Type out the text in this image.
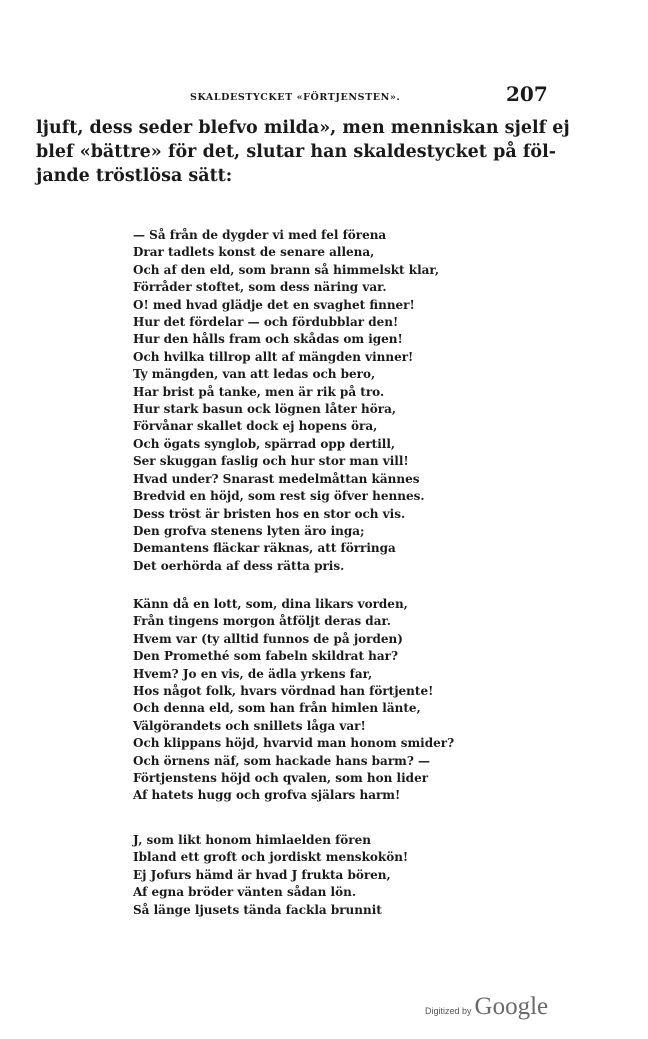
SKALDESTYCKET «FÖRTJENSTEN».	207
ljuft, dess seder blefvo milda», men menniskan sjelf ej
blef «bättre» för det, slutar han skaldestycket på föl-
jande tröstlösa sätt:
— Så från de dygder vi med fel förena
Drar tadlets konst de senare allena,
Och af den eld, som brann så himmelskt klar,
Förråder stoftet, som dess näring var.
O! med hvad glädje det en svaghet finner!
Hur det fördelar — och fördubblar den!
Hur den hålls fram och skådas om igen!
Och hvilka tillrop allt af mängden vinner!
Ty mängden, van att ledas och bero,
Har brist på tanke, men är rik på tro.
Hur stark basun ock lögnen låter höra,
Förvånar skallet dock ej hopens öra,
Och ögats synglob, spärrad opp dertill,
Ser skuggan faslig och hur stor man vill!
Hvad under? Snarast medelmåttan kännes
Bredvid en höjd, som rest sig öfver hennes.
Dess tröst är bristen hos en stor och vis.
Den grofva stenens lyten äro inga;
Demantens fläckar räknas, att förringa
Det oerhörda af dess rätta pris.
Känn då en lott, som, dina likars vorden,
Från tingens morgon åtföljt deras dar.
Hvem var (ty alltid funnos de på jorden)
Den Promethé som fabeln skildrat har?
Hvem? Jo en vis, de ädla yrkens far,
Hos något folk, hvars vördnad han förtjente!
Och denna eld, som han från himlen länte,
Välgörandets och snillets låga var!
Och klippans höjd, hvarvid man honom smider?
Och örnens näf, som hackade hans barm? —
Förtjenstens höjd och qvalen, som hon lider
Af hatets hugg och grofva själars harm!
J, som likt honom himlaelden fören
Ibland ett groft och jordiskt menskokön!
Ej Jofurs hämd är hvad J frukta bören,
Af egna bröder vänten sådan lön.
Så länge ljusets tända fackla brunnit
Digitized by Google
